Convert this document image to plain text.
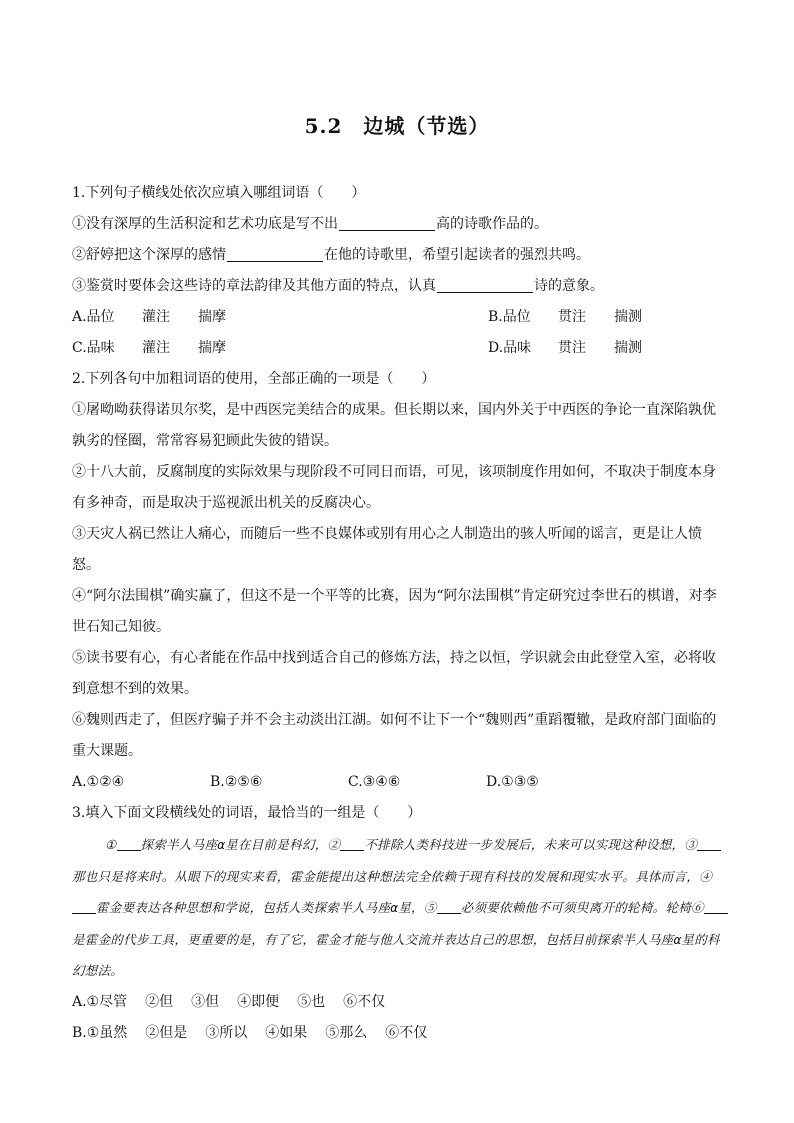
5.2　边城（节选）
1.下列句子横线处依次应填入哪组词语（　　）
①没有深厚的生活积淀和艺术功底是写不出	高的诗歌作品的。
②舒婷把这个深厚的感情	在他的诗歌里，希望引起读者的强烈共鸣。
③鉴赏时要体会这些诗的章法韵律及其他方面的特点，认真	诗的意象。
A.品位 灌注 揣摩	B.品位 贯注 揣测
C.品味 灌注 揣摩	D.品味 贯注 揣测
2.下列各句中加粗词语的使用，全部正确的一项是（　　）
①屠呦呦获得诺贝尔奖，是中西医完美结合的成果。但长期以来，国内外关于中西医的争论一直深陷孰优孰劣的怪圈，常常容易犯顾此失彼的错误。
②十八大前，反腐制度的实际效果与现阶段不可同日而语，可见，该项制度作用如何，不取决于制度本身有多神奇，而是取决于巡视派出机关的反腐决心。
③天灾人祸已然让人痛心，而随后一些不良媒体或别有用心之人制造出的骇人听闻的谣言，更是让人愤怒。
④“阿尔法围棋”确实赢了，但这不是一个平等的比赛，因为“阿尔法围棋”肯定研究过李世石的棋谱，对李世石知己知彼。
⑤读书要有心，有心者能在作品中找到适合自己的修炼方法，持之以恒，学识就会由此登堂入室，必将收到意想不到的效果。
⑥魏则西走了，但医疗骗子并不会主动淡出江湖。如何不让下一个“魏则西”重蹈覆辙，是政府部门面临的重大课题。
A.①②④	B.②⑤⑥	C.③④⑥	D.①③⑤
3.填入下面文段横线处的词语，最恰当的一组是（　　）
① 探索半人马座α星在目前是科幻，② 不排除人类科技进一步发展后，未来可以实现这种设想，③那也只是将来时。从眼下的现实来看，霍金能提出这种想法完全依赖于现有科技的发展和现实水平。具体而言，④霍金要表达各种思想和学说，包括人类探索半人马座α星，⑤ 必须要依赖他不可须臾离开的轮椅。轮椅⑥是霍金的代步工具，更重要的是，有了它，霍金才能与他人交流并表达自己的思想，包括目前探索半人马座α星的科幻想法。
A.①尽管 ②但 ③但 ④即便 ⑤也 ⑥不仅
B.①虽然 ②但是 ③所以 ④如果 ⑤那么 ⑥不仅
